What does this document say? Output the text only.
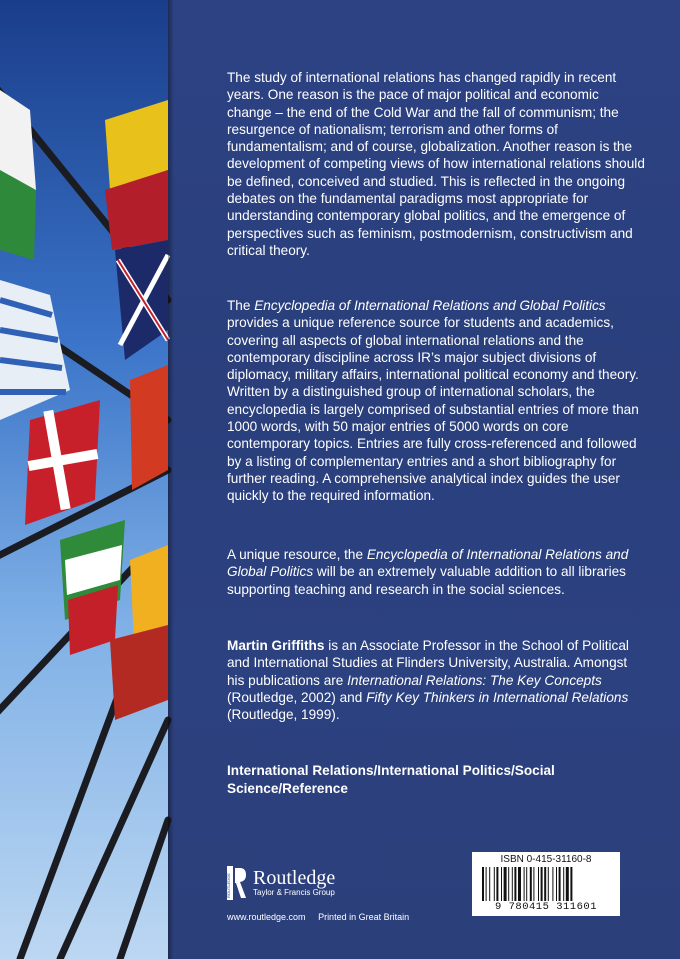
The study of international relations has changed rapidly in recent years. One reason is the pace of major political and economic change – the end of the Cold War and the fall of communism; the resurgence of nationalism; terrorism and other forms of fundamentalism; and of course, globalization. Another reason is the development of competing views of how international relations should be defined, conceived and studied. This is reflected in the ongoing debates on the fundamental paradigms most appropriate for understanding contemporary global politics, and the emergence of perspectives such as feminism, postmodernism, constructivism and critical theory.

The Encyclopedia of International Relations and Global Politics provides a unique reference source for students and academics, covering all aspects of global international relations and the contemporary discipline across IR’s major subject divisions of diplomacy, military affairs, international political economy and theory. Written by a distinguished group of international scholars, the encyclopedia is largely comprised of substantial entries of more than 1000 words, with 50 major entries of 5000 words on core contemporary topics. Entries are fully cross-referenced and followed by a listing of complementary entries and a short bibliography for further reading. A comprehensive analytical index guides the user quickly to the required information.

A unique resource, the Encyclopedia of International Relations and Global Politics will be an extremely valuable addition to all libraries supporting teaching and research in the social sciences.

Martin Griffiths is an Associate Professor in the School of Political and International Studies at Flinders University, Australia. Amongst his publications are International Relations: The Key Concepts (Routledge, 2002) and Fifty Key Thinkers in International Relations (Routledge, 1999).

International Relations/International Politics/Social Science/Reference
ROUTLEDGE Routledge
Taylor & Francis Group
www.routledge.com Printed in Great Britain
ISBN 0-415-31160-8
9 780415 311601
